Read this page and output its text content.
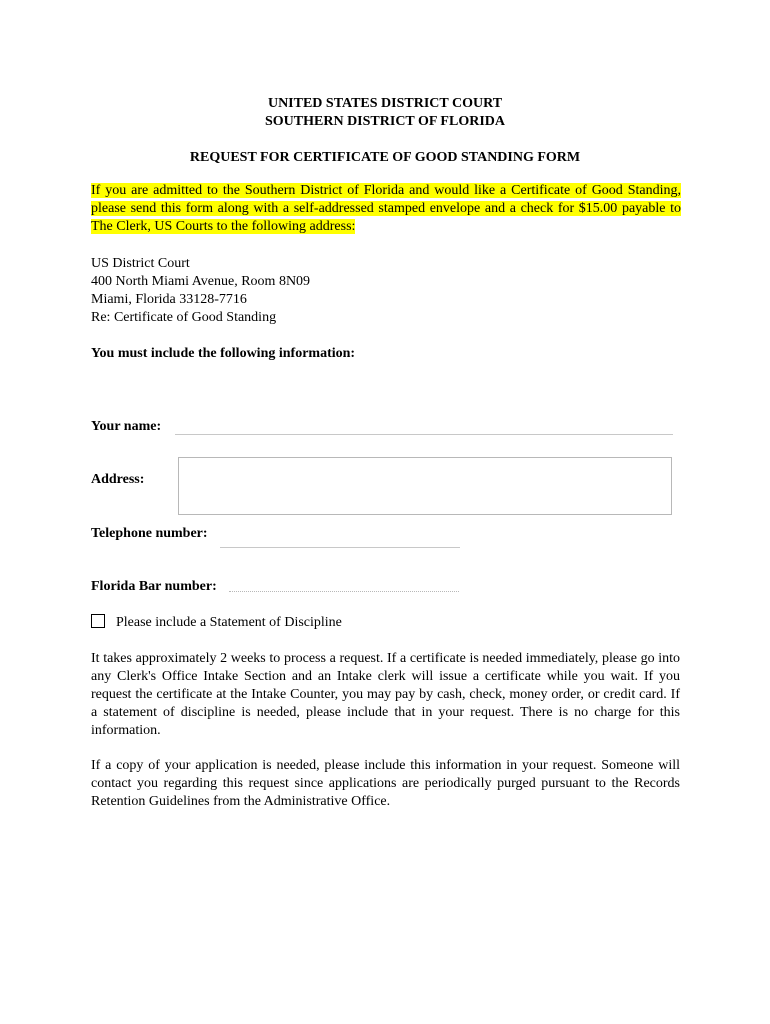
UNITED STATES DISTRICT COURT
SOUTHERN DISTRICT OF FLORIDA
REQUEST FOR CERTIFICATE OF GOOD STANDING FORM
If you are admitted to the Southern District of Florida and would like a Certificate of Good Standing, please send this form along with a self-addressed stamped envelope and a check for $15.00 payable to The Clerk, US Courts to the following address:
US District Court
400 North Miami Avenue, Room 8N09
Miami, Florida 33128-7716
Re: Certificate of Good Standing
You must include the following information:
Your name:
Address:
Telephone number:
Florida Bar number:
Please include a Statement of Discipline
It takes approximately 2 weeks to process a request. If a certificate is needed immediately, please go into any Clerk's Office Intake Section and an Intake clerk will issue a certificate while you wait. If you request the certificate at the Intake Counter, you may pay by cash, check, money order, or credit card. If a statement of discipline is needed, please include that in your request. There is no charge for this information.
If a copy of your application is needed, please include this information in your request. Someone will contact you regarding this request since applications are periodically purged pursuant to the Records Retention Guidelines from the Administrative Office.
